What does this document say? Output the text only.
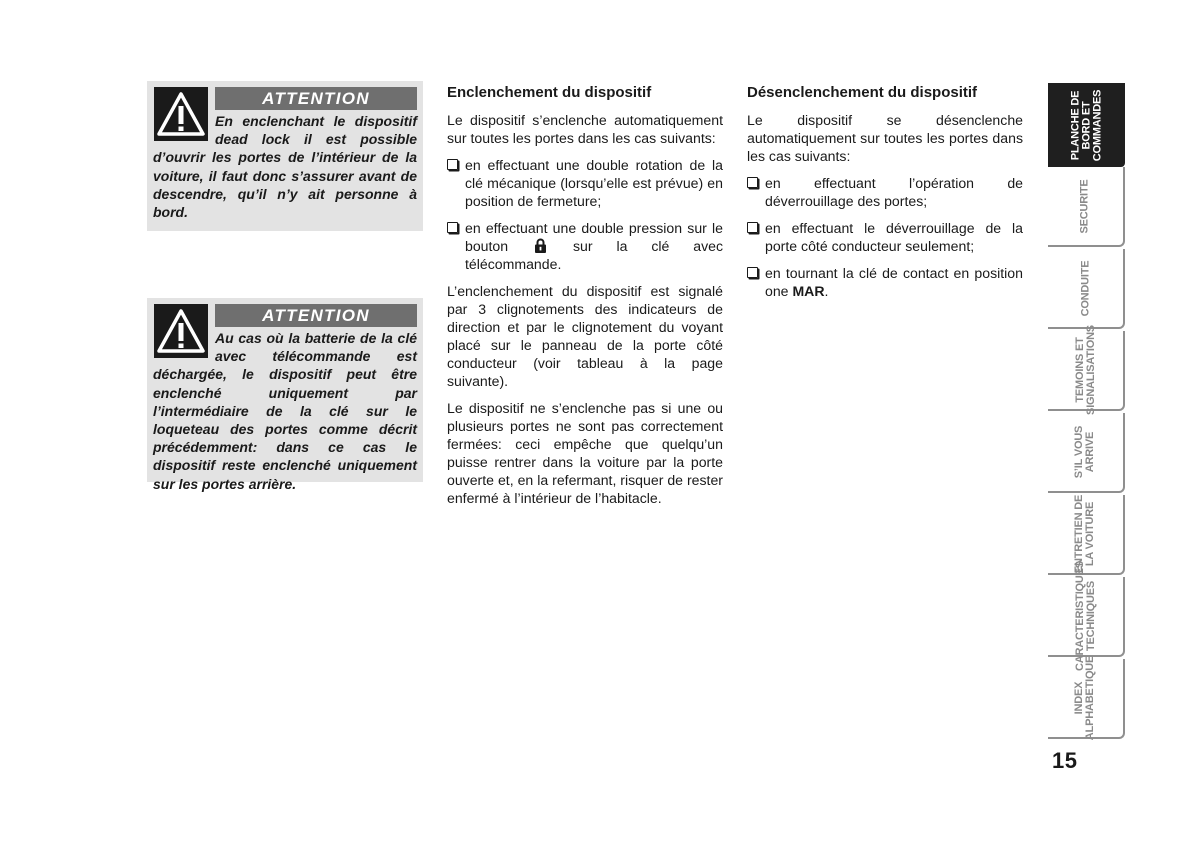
ATTENTION

En enclenchant le dispositif dead lock il est possible d’ouvrir les portes de l’intérieur de la voiture, il faut donc s’assurer avant de descendre, qu’il n’y ait personne à bord.

ATTENTION

Au cas où la batterie de la clé avec télécommande est déchargée, le dispositif peut être enclenché uniquement par l’intermédiaire de la clé sur le loqueteau des portes comme décrit précédemment: dans ce cas le dispositif reste enclenché uniquement sur les portes arrière.

Enclenchement du dispositif

Le dispositif s’enclenche automatiquement sur toutes les portes dans les cas suivants:

en effectuant une double rotation de la clé mécanique (lorsqu’elle est prévue) en position de fermeture;
en effectuant une double pression sur le bouton	sur la clé avec télécommande.

L’enclenchement du dispositif est signalé par 3 clignotements des indicateurs de direction et par le clignotement du voyant placé sur le panneau de la porte côté conducteur (voir tableau à la page suivante).

Le dispositif ne s’enclenche pas si une ou plusieurs portes ne sont pas correctement fermées: ceci empêche que quelqu’un puisse rentrer dans la voiture par la porte ouverte et, en la refermant, risquer de rester enfermé à l’intérieur de l’habitacle.

Désenclenchement du dispositif

Le dispositif se désenclenche automatiquement sur toutes les portes dans les cas suivants:

en effectuant l’opération de déverrouillage des portes;
en effectuant le déverrouillage de la porte côté conducteur seulement;
en tournant la clé de contact en position one MAR.
PLANCHE DE BORD ET COMMANDES
SECURITE
CONDUITE
TEMOINS ET SIGNALISATIONS
S’IL VOUS ARRIVE
ENTRETIEN DE LA VOITURE
CARACTERISTIQUES TECHNIQUES
INDEX ALPHABETIQUE
15
